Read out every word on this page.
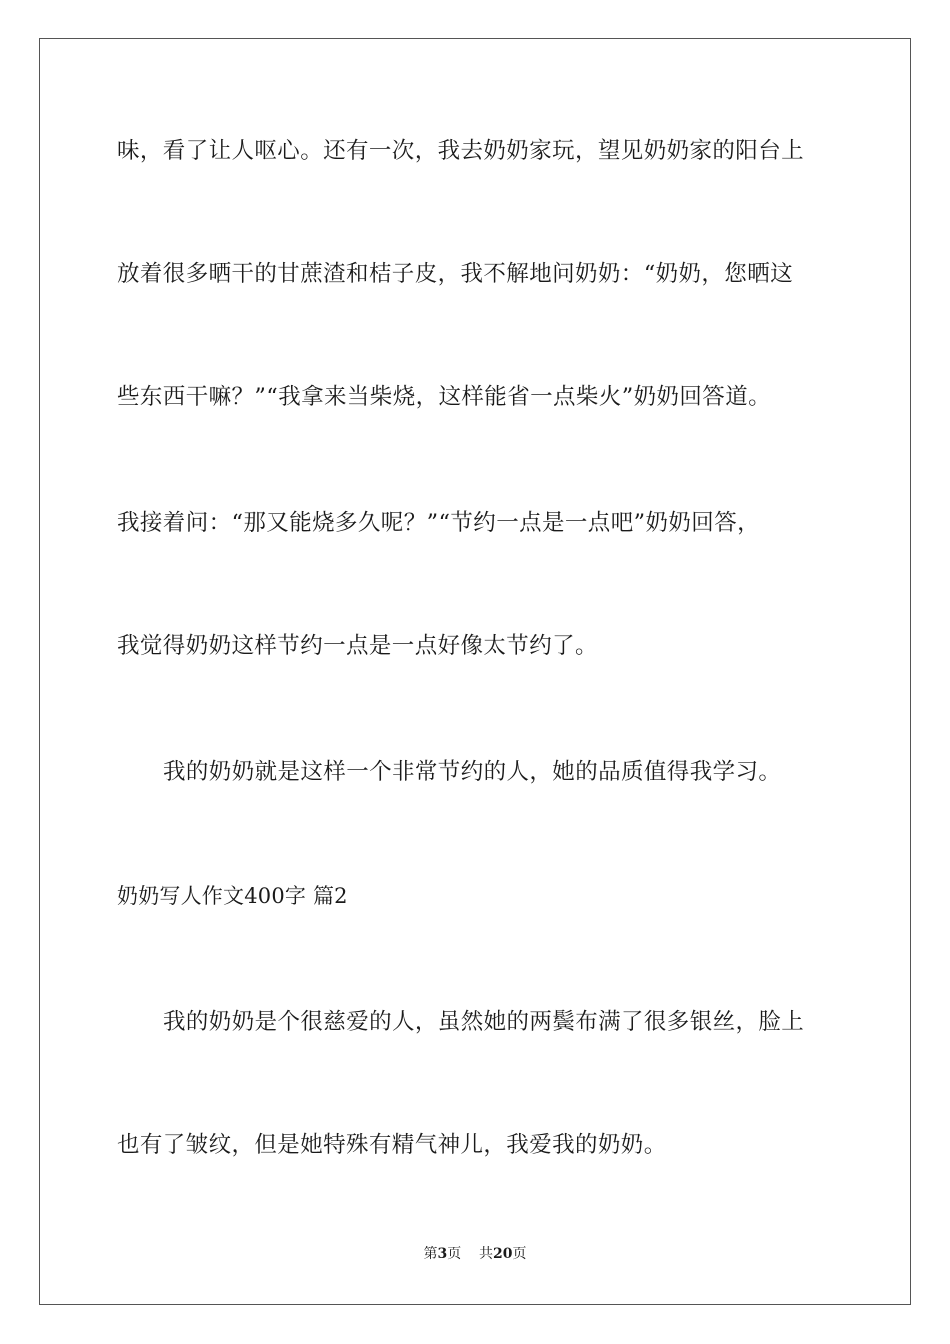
味，看了让人呕心。还有一次，我去奶奶家玩，望见奶奶家的阳台上
放着很多晒干的甘蔗渣和桔子皮，我不解地问奶奶：“奶奶，您晒这
些东西干嘛？”“我拿来当柴烧，这样能省一点柴火”奶奶回答道。
我接着问：“那又能烧多久呢？”“节约一点是一点吧”奶奶回答，
我觉得奶奶这样节约一点是一点好像太节约了。
我的奶奶就是这样一个非常节约的人，她的品质值得我学习。
奶奶写人作文400字 篇2
我的奶奶是个很慈爱的人，虽然她的两鬓布满了很多银丝，脸上
也有了皱纹，但是她特殊有精气神儿，我爱我的奶奶。
第3页 共20页
